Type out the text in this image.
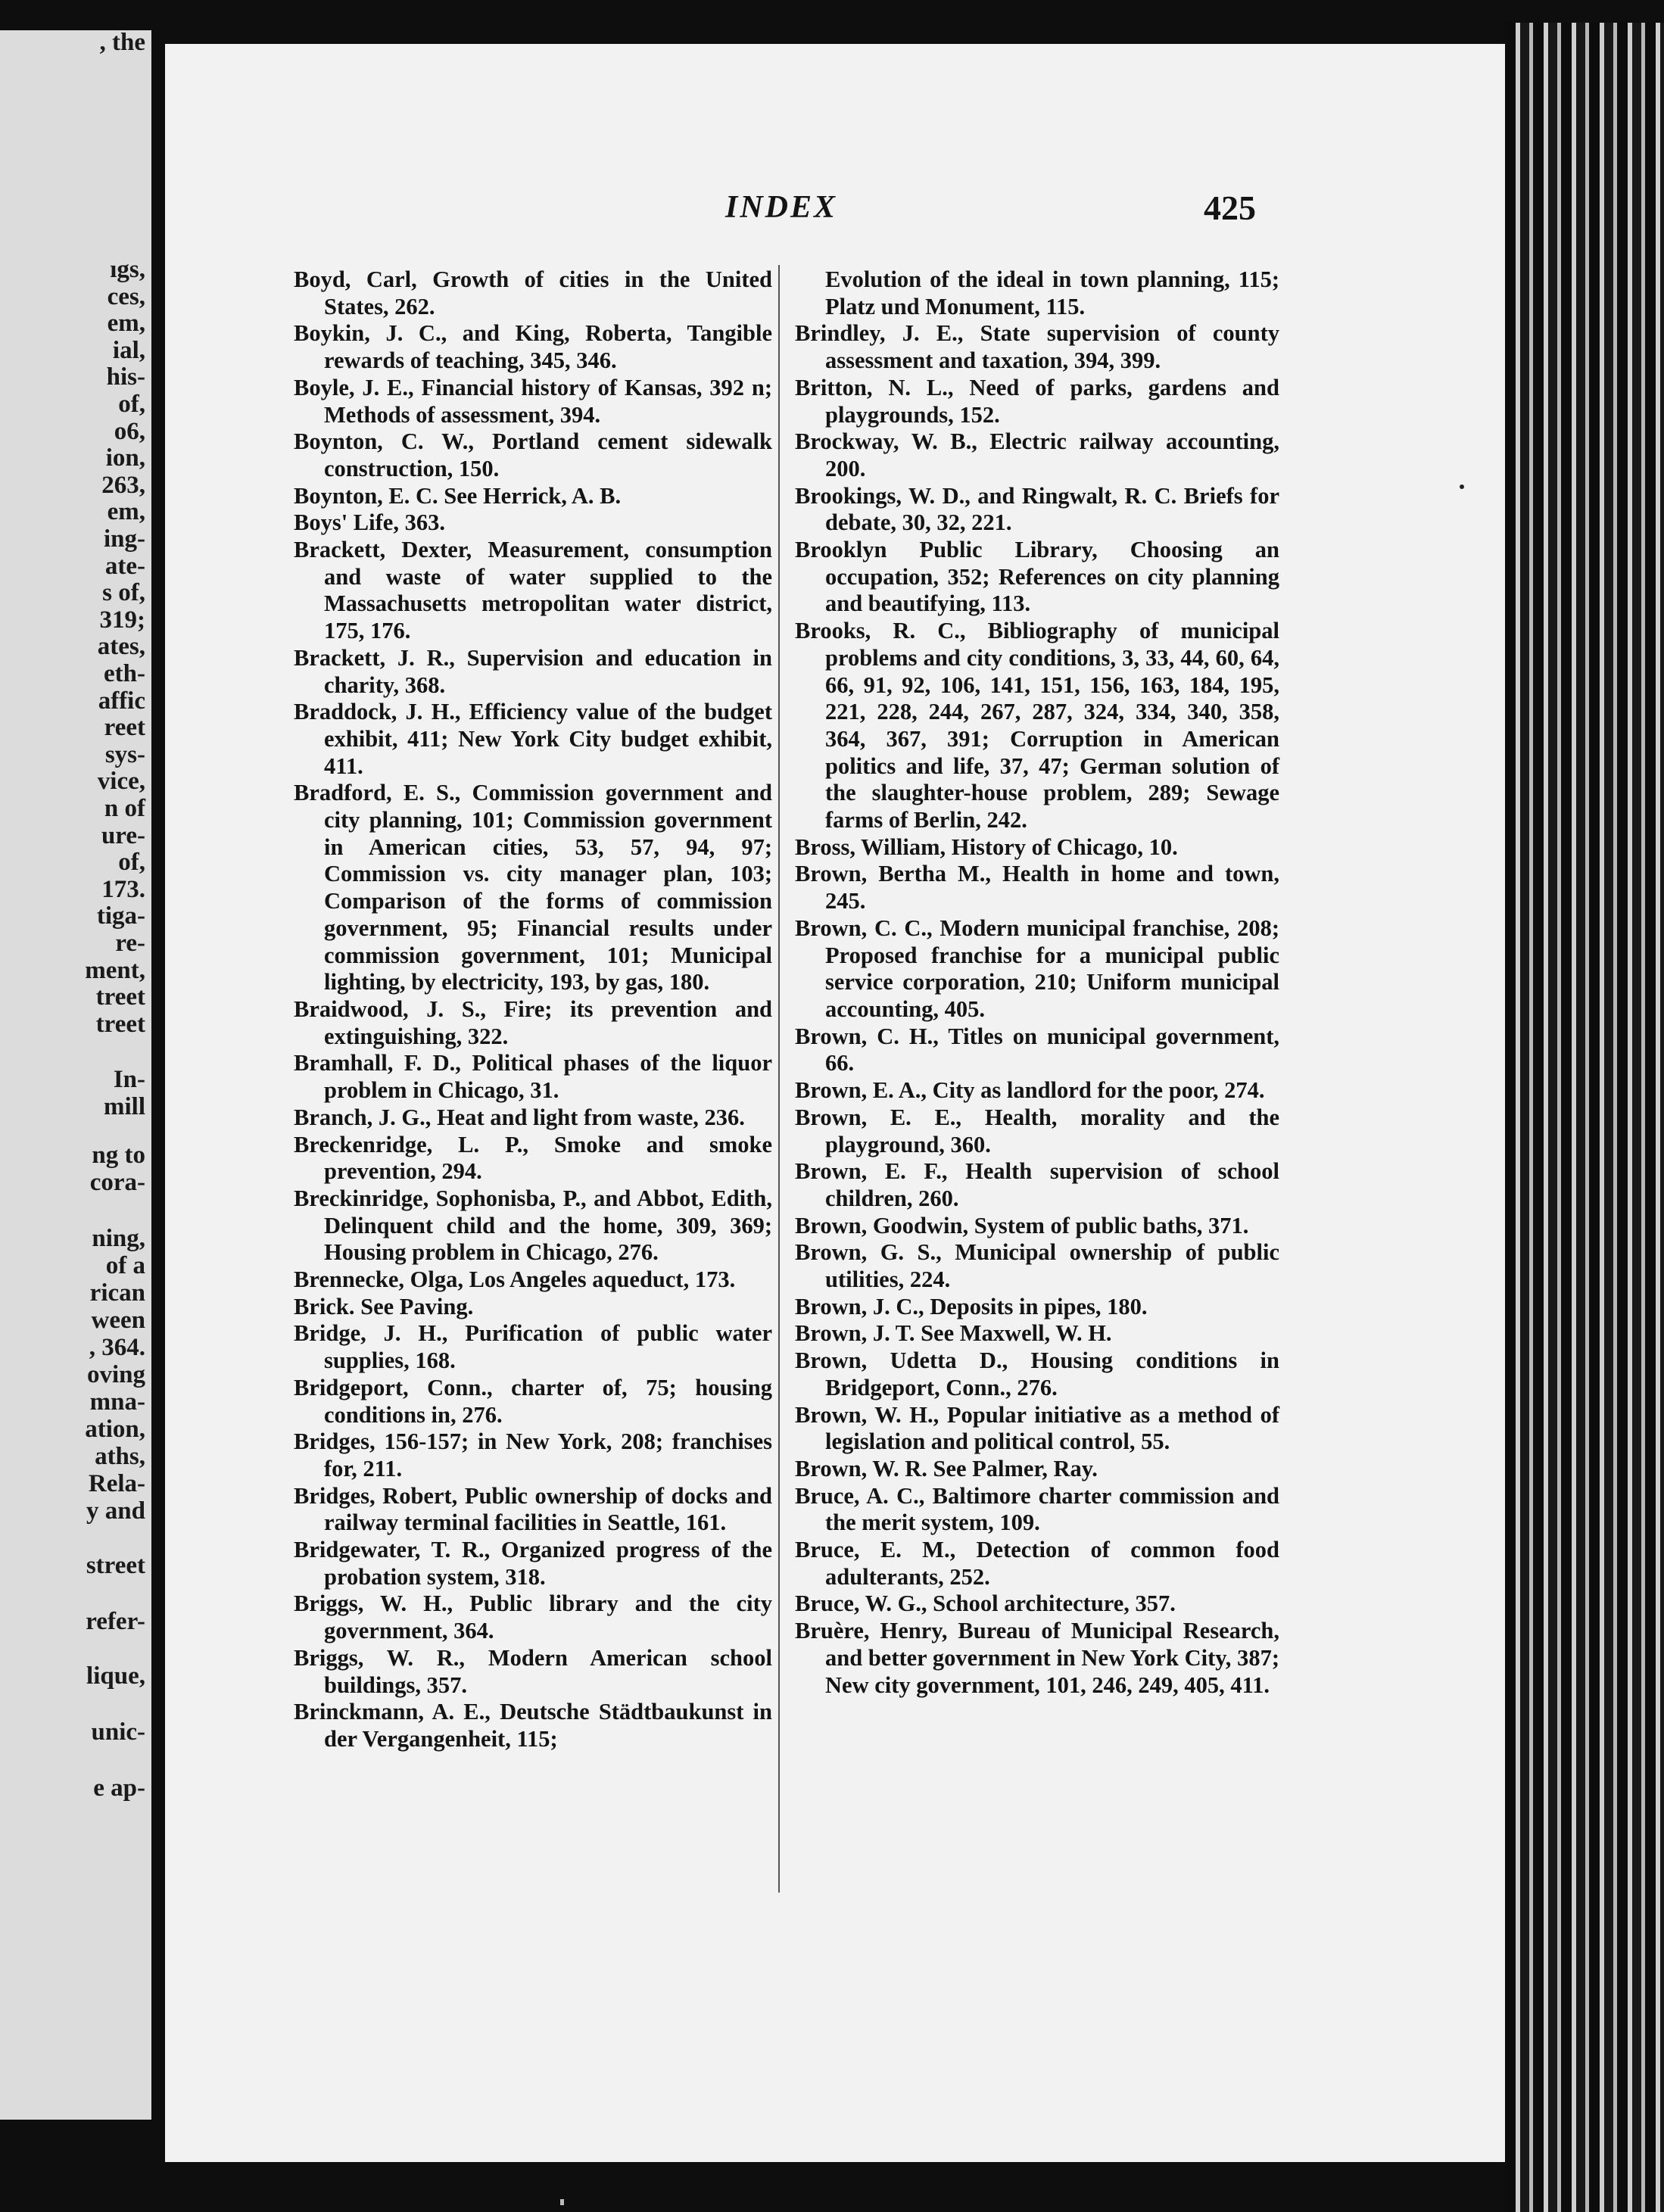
ıgs,
ces,
em,
ial,
his-
of,
o6,
ion,
263,
em,
ing-
ate-
s of,
319;
ates,
eth-
affic
reet
sys-
vice,
n of
ure-
of,
173.
tiga-
re-
ment,
treet
treet
In-
mill
ng to
cora-
ning,
of a
rican
ween
, 364.
oving
mna-
ation,
aths,
Rela-
y and
street
refer-
lique,
unic-
e ap-
, the
INDEX	425

Boyd, Carl, Growth of cities in the United States, 262.

Boykin, J. C., and King, Roberta, Tangible rewards of teaching, 345, 346.

Boyle, J. E., Financial history of Kansas, 392 n; Methods of assessment, 394.

Boynton, C. W., Portland cement sidewalk construction, 150.

Boynton, E. C. See Herrick, A. B.

Boys' Life, 363.

Brackett, Dexter, Measurement, consumption and waste of water supplied to the Massachusetts metropolitan water district, 175, 176.

Brackett, J. R., Supervision and education in charity, 368.

Braddock, J. H., Efficiency value of the budget exhibit, 411; New York City budget exhibit, 411.

Bradford, E. S., Commission government and city planning, 101; Commission government in American cities, 53, 57, 94, 97; Commission vs. city manager plan, 103; Comparison of the forms of commission government, 95; Financial results under commission government, 101; Municipal lighting, by electricity, 193, by gas, 180.

Braidwood, J. S., Fire; its prevention and extinguishing, 322.

Bramhall, F. D., Political phases of the liquor problem in Chicago, 31.

Branch, J. G., Heat and light from waste, 236.

Breckenridge, L. P., Smoke and smoke prevention, 294.

Breckinridge, Sophonisba, P., and Abbot, Edith, Delinquent child and the home, 309, 369; Housing problem in Chicago, 276.

Brennecke, Olga, Los Angeles aqueduct, 173.

Brick. See Paving.

Bridge, J. H., Purification of public water supplies, 168.

Bridgeport, Conn., charter of, 75; housing conditions in, 276.

Bridges, 156-157; in New York, 208; franchises for, 211.

Bridges, Robert, Public ownership of docks and railway terminal facilities in Seattle, 161.

Bridgewater, T. R., Organized progress of the probation system, 318.

Briggs, W. H., Public library and the city government, 364.

Briggs, W. R., Modern American school buildings, 357.

Brinckmann, A. E., Deutsche Städtbaukunst in der Vergangenheit, 115;

Evolution of the ideal in town planning, 115; Platz und Monument, 115.

Brindley, J. E., State supervision of county assessment and taxation, 394, 399.

Britton, N. L., Need of parks, gardens and playgrounds, 152.

Brockway, W. B., Electric railway accounting, 200.

Brookings, W. D., and Ringwalt, R. C. Briefs for debate, 30, 32, 221.

Brooklyn Public Library, Choosing an occupation, 352; References on city planning and beautifying, 113.

Brooks, R. C., Bibliography of municipal problems and city conditions, 3, 33, 44, 60, 64, 66, 91, 92, 106, 141, 151, 156, 163, 184, 195, 221, 228, 244, 267, 287, 324, 334, 340, 358, 364, 367, 391; Corruption in American politics and life, 37, 47; German solution of the slaughter-house problem, 289; Sewage farms of Berlin, 242.

Bross, William, History of Chicago, 10.

Brown, Bertha M., Health in home and town, 245.

Brown, C. C., Modern municipal franchise, 208; Proposed franchise for a municipal public service corporation, 210; Uniform municipal accounting, 405.

Brown, C. H., Titles on municipal government, 66.

Brown, E. A., City as landlord for the poor, 274.

Brown, E. E., Health, morality and the playground, 360.

Brown, E. F., Health supervision of school children, 260.

Brown, Goodwin, System of public baths, 371.

Brown, G. S., Municipal ownership of public utilities, 224.

Brown, J. C., Deposits in pipes, 180.

Brown, J. T. See Maxwell, W. H.

Brown, Udetta D., Housing conditions in Bridgeport, Conn., 276.

Brown, W. H., Popular initiative as a method of legislation and political control, 55.

Brown, W. R. See Palmer, Ray.

Bruce, A. C., Baltimore charter commission and the merit system, 109.

Bruce, E. M., Detection of common food adulterants, 252.

Bruce, W. G., School architecture, 357.

Bruère, Henry, Bureau of Municipal Research, and better government in New York City, 387; New city government, 101, 246, 249, 405, 411.
